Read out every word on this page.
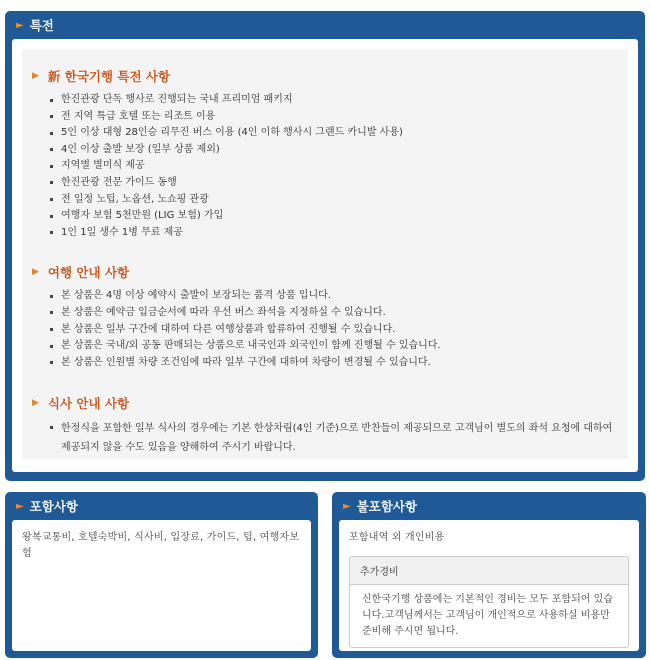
► 특전
▶ 新 한국기행 특전 사항
한진관광 단독 행사로 진행되는 국내 프리미엄 패키지
전 지역 특급 호텔 또는 리조트 이용
5인 이상 대형 28인승 리무진 버스 이용 (4인 이하 행사시 그랜드 카니발 사용)
4인 이상 출발 보장 (일부 상품 제외)
지역별 별미식 제공
한진관광 전문 가이드 동행
전 일정 노팁, 노옵션, 노쇼핑 관광
여행자 보험 5천만원 (LIG 보험) 가입
1인 1일 생수 1병 무료 제공
▶ 여행 안내 사항
본 상품은 4명 이상 예약시 출발이 보장되는 품격 상품 입니다.
본 상품은 예약금 입금순서에 따라 우선 버스 좌석을 지정하실 수 있습니다.
본 상품은 일부 구간에 대하여 다른 여행상품과 합류하여 진행될 수 있습니다.
본 상품은 국내/외 공동 판매되는 상품으로 내국인과 외국인이 함께 진행될 수 있습니다.
본 상품은 인원별 차량 조건임에 따라 일부 구간에 대하여 차량이 변경될 수 있습니다.
▶ 식사 안내 사항
한정식을 포함한 일부 식사의 경우에는 기본 한상차림(4인 기준)으로 반찬들이 제공되므로 고객님이 별도의 좌석 요청에 대하여
제공되지 않을 수도 있음을 양해하여 주시기 바랍니다.
► 포함사항
왕복교통비, 호텔숙박비, 식사비, 입장료, 가이드, 팁, 여행자보험
► 불포함사항
포함내역 외 개인비용
추가경비
신한국기행 상품에는 기본적인 경비는 모두 포함되어 있습니다.고객님께서는 고객님이 개인적으로 사용하실 비용만 준비해 주시면 됩니다.
